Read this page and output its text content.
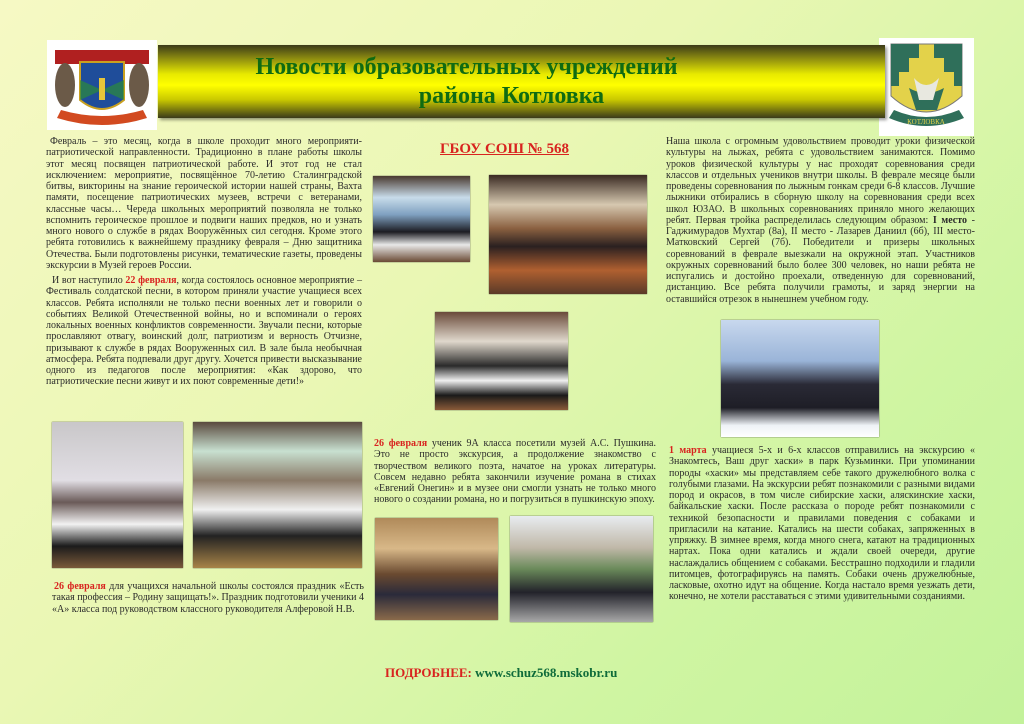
КОТЛОВКА
Новости образовательных учреждений
района Котловка
Февраль – это месяц, когда в школе проходит много мероприяти-патриотической направленности. Традиционно в плане работы школы этот месяц посвящен патриотической работе. И этот год не стал исключением: мероприятие, посвящённое 70-летию Сталинградской битвы, викторины на знание героической истории нашей страны, Вахта памяти, посещение патриотических музеев, встречи с ветеранами, классные часы… Череда школьных мероприятий позволяла не только вспомнить героическое прошлое и подвиги наших предков, но и узнать много нового о службе в рядах Вооружённых сил сегодня. Кроме этого ребята готовились к важнейшему празднику февраля – Дню защитника Отечества. Были подготовлены рисунки, тематические газеты, проведены экскурсии в Музей героев России.
И вот наступило 22 февраля, когда состоялось основное мероприятие – Фестиваль солдатской песни, в котором приняли участие учащиеся всех классов. Ребята исполняли не только песни военных лет и говорили о событиях Великой Отечественной войны, но и вспоминали о героях локальных военных конфликтов современности. Звучали песни, которые прославляют отвагу, воинский долг, патриотизм и верность Отчизне, призывают к службе в рядах Вооруженных сил. В зале была необычная атмосфера. Ребята подпевали друг другу. Хочется привести высказывание одного из педагогов после мероприятия: «Как здорово, что патриотические песни живут и их поют современные дети!»
26 февраля для учащихся начальной школы состоялся праздник «Есть такая профессия – Родину защищать!». Праздник подготовили ученики 4 «А» класса под руководством классного руководителя Алферовой Н.В.
ГБОУ СОШ № 568
26 февраля ученик 9А класса посетили музей А.С. Пушкина. Это не просто экскурсия, а продолжение знакомство с творчеством великого поэта, начатое на уроках литературы. Совсем недавно ребята закончили изучение романа в стихах «Евгений Онегин» и в музее они смогли узнать не только много нового о создании романа, но и погрузиться в пушкинскую эпоху.
Наша школа с огромным удовольствием проводит уроки физической культуры на лыжах, ребята с удовольствием занимаются. Помимо уроков физической культуры у нас проходят соревнования среди классов и отдельных учеников внутри школы. В феврале месяце были проведены соревнования по лыжным гонкам среди 6-8 классов. Лучшие лыжники отбирались в сборную школу на соревнования среди всех школ ЮЗАО. В школьных соревнованиях приняло много желающих ребят. Первая тройка распределилась следующим образом: I место - Гаджимурадов Мухтар (8а), II место - Лазарев Даниил (6б), III место- Матковский Сергей (7б). Победители и призеры школьных соревнований в феврале выезжали на окружной этап. Участников окружных соревнований было более 300 человек, но наши ребята не испугались и достойно проехали, отведенную для соревнований, дистанцию. Все ребята получили грамоты, и заряд энергии на оставшийся отрезок в нынешнем учебном году.
1 марта учащиеся 5-х и 6-х классов отправились на экскурсию « Знакомтесь, Ваш друг хаски» в парк Кузьминки. При упоминании породы «хаски» мы представляем себе такого дружелюбного волка с голубыми глазами. На экскурсии ребят познакомили с разными видами пород и окрасов, в том числе сибирские хаски, аляскинские хаски, байкальские хаски. После рассказа о породе ребят познакомили с техникой безопасности и правилами поведения с собаками и пригласили на катание. Катались на шести собаках, запряженных в упряжку. В зимнее время, когда много снега, катают на традиционных нартах. Пока одни катались и ждали своей очереди, другие наслаждались общением с собаками. Бесстрашно подходили и гладили питомцев, фотографируясь на память. Собаки очень дружелюбные, ласковые, охотно идут на общение. Когда настало время уезжать дети, конечно, не хотели расставаться с этими удивительными созданиями.
ПОДРОБНЕЕ: www.schuz568.mskobr.ru
